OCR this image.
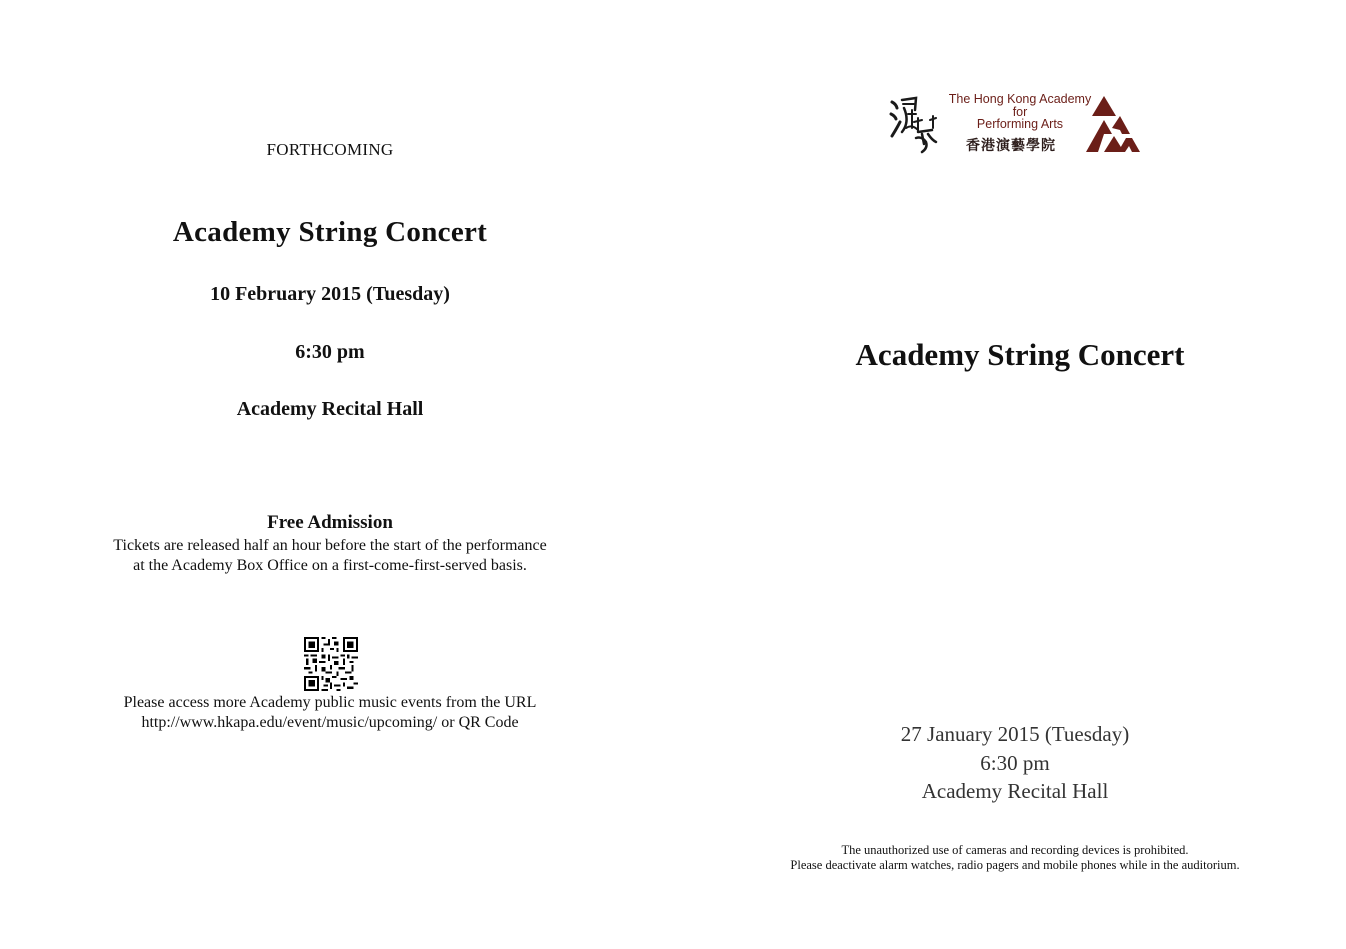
FORTHCOMING
Academy String Concert
10 February 2015 (Tuesday)
6:30 pm
Academy Recital Hall
Free Admission
Tickets are released half an hour before the start of the performance
at the Academy Box Office on a first-come-first-served basis.
Please access more Academy public music events from the URL
http://www.hkapa.edu/event/music/upcoming/ or QR Code
The Hong Kong Academy
for
Performing Arts
香港演藝學院
Academy String Concert
27 January 2015 (Tuesday)
6:30 pm
Academy Recital Hall
The unauthorized use of cameras and recording devices is prohibited.
Please deactivate alarm watches, radio pagers and mobile phones while in the auditorium.
